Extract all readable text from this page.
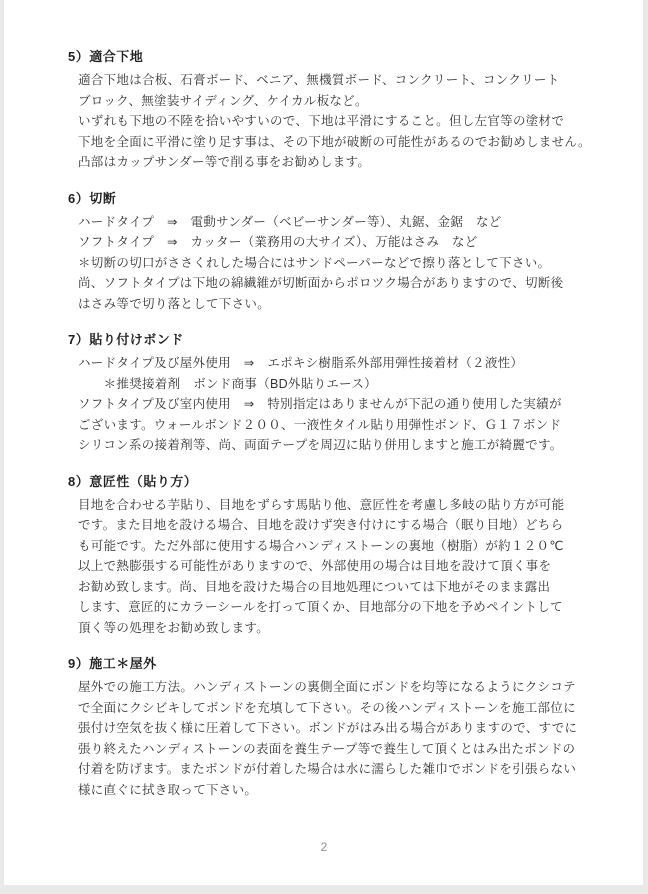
5）適合下地
適合下地は合板、石膏ボード、ベニア、無機質ボード、コンクリート、コンクリート
ブロック、無塗装サイディング、ケイカル板など。
いずれも下地の不陸を拾いやすいので、下地は平滑にすること。但し左官等の塗材で
下地を全面に平滑に塗り足す事は、その下地が破断の可能性があるのでお勧めしません。
凸部はカップサンダー等で削る事をお勧めします。
6）切断
ハードタイプ　⇒　電動サンダー（ベビーサンダー等）、丸鋸、金鋸　など
ソフトタイプ　⇒　カッター（業務用の大サイズ）、万能はさみ　など
＊切断の切口がささくれした場合にはサンドペーパーなどで擦り落として下さい。
尚、ソフトタイプは下地の綿繊維が切断面からポロツク場合がありますので、切断後
はさみ等で切り落として下さい。
7）貼り付けボンド
ハードタイプ及び屋外使用　⇒　エポキシ樹脂系外部用弾性接着材（２液性）
　　＊推奨接着剤　ボンド商事（BD外貼りエース）
ソフトタイプ及び室内使用　⇒　特別指定はありませんが下記の通り使用した実績が
ございます。ウォールボンド２００、一液性タイル貼り用弾性ボンド、Ｇ１７ボンド
シリコン系の接着剤等、尚、両面テープを周辺に貼り併用しますと施工が綺麗です。
8）意匠性（貼り方）
目地を合わせる芋貼り、目地をずらす馬貼り他、意匠性を考慮し多岐の貼り方が可能
です。また目地を設ける場合、目地を設けず突き付けにする場合（眠り目地）どちら
も可能です。ただ外部に使用する場合ハンディストーンの裏地（樹脂）が約１２０℃
以上で熱膨張する可能性がありますので、外部使用の場合は目地を設けて頂く事を
お勧め致します。尚、目地を設けた場合の目地処理については下地がそのまま露出
します、意匠的にカラーシールを打って頂くか、目地部分の下地を予めペイントして
頂く等の処理をお勧め致します。
9）施工＊屋外
屋外での施工方法。ハンディストーンの裏側全面にボンドを均等になるようにクシコテ
で全面にクシビキしてボンドを充填して下さい。その後ハンディストーンを施工部位に
張付け空気を抜く様に圧着して下さい。ボンドがはみ出る場合がありますので、すでに
張り終えたハンディストーンの表面を養生テープ等で養生して頂くとはみ出たボンドの
付着を防げます。またボンドが付着した場合は水に濡らした雑巾でボンドを引張らない
様に直ぐに拭き取って下さい。
2
